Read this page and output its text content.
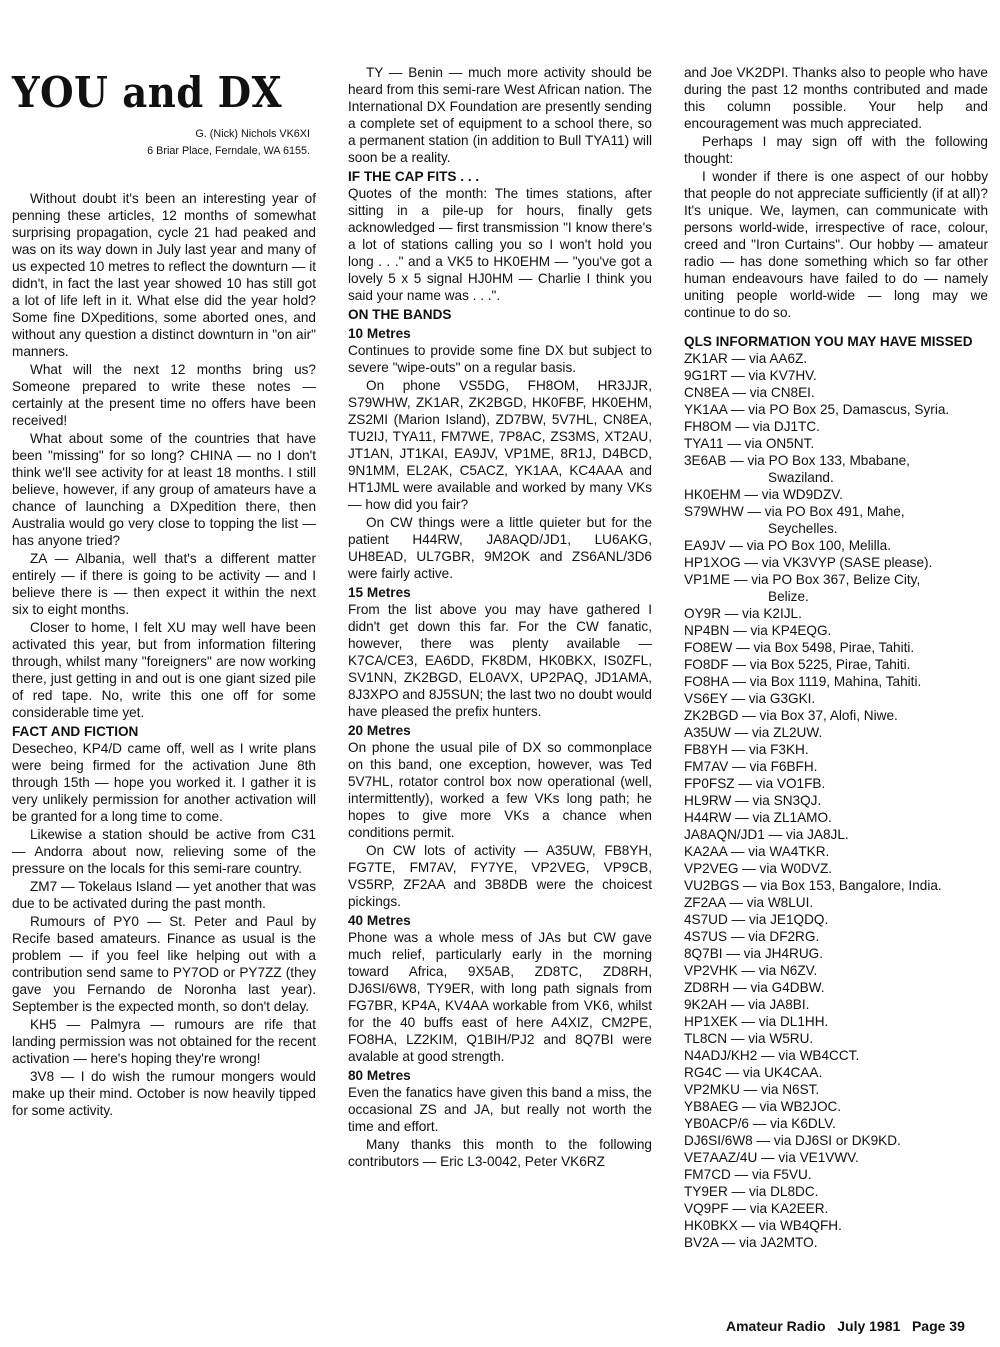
YOU and DX
G. (Nick) Nichols VK6XI
6 Briar Place, Ferndale, WA 6155.

Without doubt it's been an interesting year of penning these articles, 12 months of somewhat surprising propagation, cycle 21 had peaked and was on its way down in July last year and many of us expected 10 metres to reflect the downturn — it didn't, in fact the last year showed 10 has still got a lot of life left in it. What else did the year hold? Some fine DXpeditions, some aborted ones, and without any question a distinct downturn in "on air" manners.

What will the next 12 months bring us? Someone prepared to write these notes — certainly at the present time no offers have been received!

What about some of the countries that have been "missing" for so long? CHINA — no I don't think we'll see activity for at least 18 months. I still believe, however, if any group of amateurs have a chance of launching a DXpedition there, then Australia would go very close to topping the list — has anyone tried?

ZA — Albania, well that's a different matter entirely — if there is going to be activity — and I believe there is — then expect it within the next six to eight months.

Closer to home, I felt XU may well have been activated this year, but from information filtering through, whilst many "foreigners" are now working there, just getting in and out is one giant sized pile of red tape. No, write this one off for some considerable time yet.

FACT AND FICTION

Desecheo, KP4/D came off, well as I write plans were being firmed for the activation June 8th through 15th — hope you worked it. I gather it is very unlikely permission for another activation will be granted for a long time to come.

Likewise a station should be active from C31 — Andorra about now, relieving some of the pressure on the locals for this semi-rare country.

ZM7 — Tokelaus Island — yet another that was due to be activated during the past month.

Rumours of PY0 — St. Peter and Paul by Recife based amateurs. Finance as usual is the problem — if you feel like helping out with a contribution send same to PY7OD or PY7ZZ (they gave you Fernando de Noronha last year). September is the expected month, so don't delay.

KH5 — Palmyra — rumours are rife that landing permission was not obtained for the recent activation — here's hoping they're wrong!

3V8 — I do wish the rumour mongers would make up their mind. October is now heavily tipped for some activity.

TY — Benin — much more activity should be heard from this semi-rare West African nation. The International DX Foundation are presently sending a complete set of equipment to a school there, so a permanent station (in addition to Bull TYA11) will soon be a reality.

IF THE CAP FITS . . .

Quotes of the month: The times stations, after sitting in a pile-up for hours, finally gets acknowledged — first transmission "I know there's a lot of stations calling you so I won't hold you long . . ." and a VK5 to HK0EHM — "you've got a lovely 5 x 5 signal HJ0HM — Charlie I think you said your name was . . .".

ON THE BANDS
10 Metres

Continues to provide some fine DX but subject to severe "wipe-outs" on a regular basis.

On phone VS5DG, FH8OM, HR3JJR, S79WHW, ZK1AR, ZK2BGD, HK0FBF, HK0EHM, ZS2MI (Marion Island), ZD7BW, 5V7HL, CN8EA, TU2IJ, TYA11, FM7WE, 7P8AC, ZS3MS, XT2AU, JT1AN, JT1KAI, EA9JV, VP1ME, 8R1J, D4BCD, 9N1MM, EL2AK, C5ACZ, YK1AA, KC4AAA and HT1JML were available and worked by many VKs — how did you fair?

On CW things were a little quieter but for the patient H44RW, JA8AQD/JD1, LU6AKG, UH8EAD, UL7GBR, 9M2OK and ZS6ANL/3D6 were fairly active.

15 Metres

From the list above you may have gathered I didn't get down this far. For the CW fanatic, however, there was plenty available — K7CA/CE3, EA6DD, FK8DM, HK0BKX, IS0ZFL, SV1NN, ZK2BGD, EL0AVX, UP2PAQ, JD1AMA, 8J3XPO and 8J5SUN; the last two no doubt would have pleased the prefix hunters.

20 Metres

On phone the usual pile of DX so commonplace on this band, one exception, however, was Ted 5V7HL, rotator control box now operational (well, intermittently), worked a few VKs long path; he hopes to give more VKs a chance when conditions permit.

On CW lots of activity — A35UW, FB8YH, FG7TE, FM7AV, FY7YE, VP2VEG, VP9CB, VS5RP, ZF2AA and 3B8DB were the choicest pickings.

40 Metres

Phone was a whole mess of JAs but CW gave much relief, particularly early in the morning toward Africa, 9X5AB, ZD8TC, ZD8RH, DJ6SI/6W8, TY9ER, with long path signals from FG7BR, KP4A, KV4AA workable from VK6, whilst for the 40 buffs east of here A4XIZ, CM2PE, FO8HA, LZ2KIM, Q1BIH/PJ2 and 8Q7BI were avalable at good strength.

80 Metres

Even the fanatics have given this band a miss, the occasional ZS and JA, but really not worth the time and effort.

Many thanks this month to the following contributors — Eric L3-0042, Peter VK6RZ

and Joe VK2DPI. Thanks also to people who have during the past 12 months contributed and made this column possible. Your help and encouragement was much appreciated.

Perhaps I may sign off with the following thought:

I wonder if there is one aspect of our hobby that people do not appreciate sufficiently (if at all)? It's unique. We, laymen, can communicate with persons world-wide, irrespective of race, colour, creed and "Iron Curtains". Our hobby — amateur radio — has done something which so far other human endeavours have failed to do — namely uniting people world-wide — long may we continue to do so.

QLS INFORMATION YOU MAY HAVE MISSED
ZK1AR — via AA6Z.
9G1RT — via KV7HV.
CN8EA — via CN8EI.
YK1AA — via PO Box 25, Damascus, Syria.
FH8OM — via DJ1TC.
TYA11 — via ON5NT.
3E6AB — via PO Box 133, Mbabane,
Swaziland.
HK0EHM — via WD9DZV.
S79WHW — via PO Box 491, Mahe,
Seychelles.
EA9JV — via PO Box 100, Melilla.
HP1XOG — via VK3VYP (SASE please).
VP1ME — via PO Box 367, Belize City,
Belize.
OY9R — via K2IJL.
NP4BN — via KP4EQG.
FO8EW — via Box 5498, Pirae, Tahiti.
FO8DF — via Box 5225, Pirae, Tahiti.
FO8HA — via Box 1119, Mahina, Tahiti.
VS6EY — via G3GKI.
ZK2BGD — via Box 37, Alofi, Niwe.
A35UW — via ZL2UW.
FB8YH — via F3KH.
FM7AV — via F6BFH.
FP0FSZ — via VO1FB.
HL9RW — via SN3QJ.
H44RW — via ZL1AMO.
JA8AQN/JD1 — via JA8JL.
KA2AA — via WA4TKR.
VP2VEG — via W0DVZ.
VU2BGS — via Box 153, Bangalore, India.
ZF2AA — via W8LUI.
4S7UD — via JE1QDQ.
4S7US — via DF2RG.
8Q7BI — via JH4RUG.
VP2VHK — via N6ZV.
ZD8RH — via G4DBW.
9K2AH — via JA8BI.
HP1XEK — via DL1HH.
TL8CN — via W5RU.
N4ADJ/KH2 — via WB4CCT.
RG4C — via UK4CAA.
VP2MKU — via N6ST.
YB8AEG — via WB2JOC.
YB0ACP/6 — via K6DLV.
DJ6SI/6W8 — via DJ6SI or DK9KD.
VE7AAZ/4U — via VE1VWV.
FM7CD — via F5VU.
TY9ER — via DL8DC.
VQ9PF — via KA2EER.
HK0BKX — via WB4QFH.
BV2A — via JA2MTO.
Amateur Radio   July 1981   Page 39
